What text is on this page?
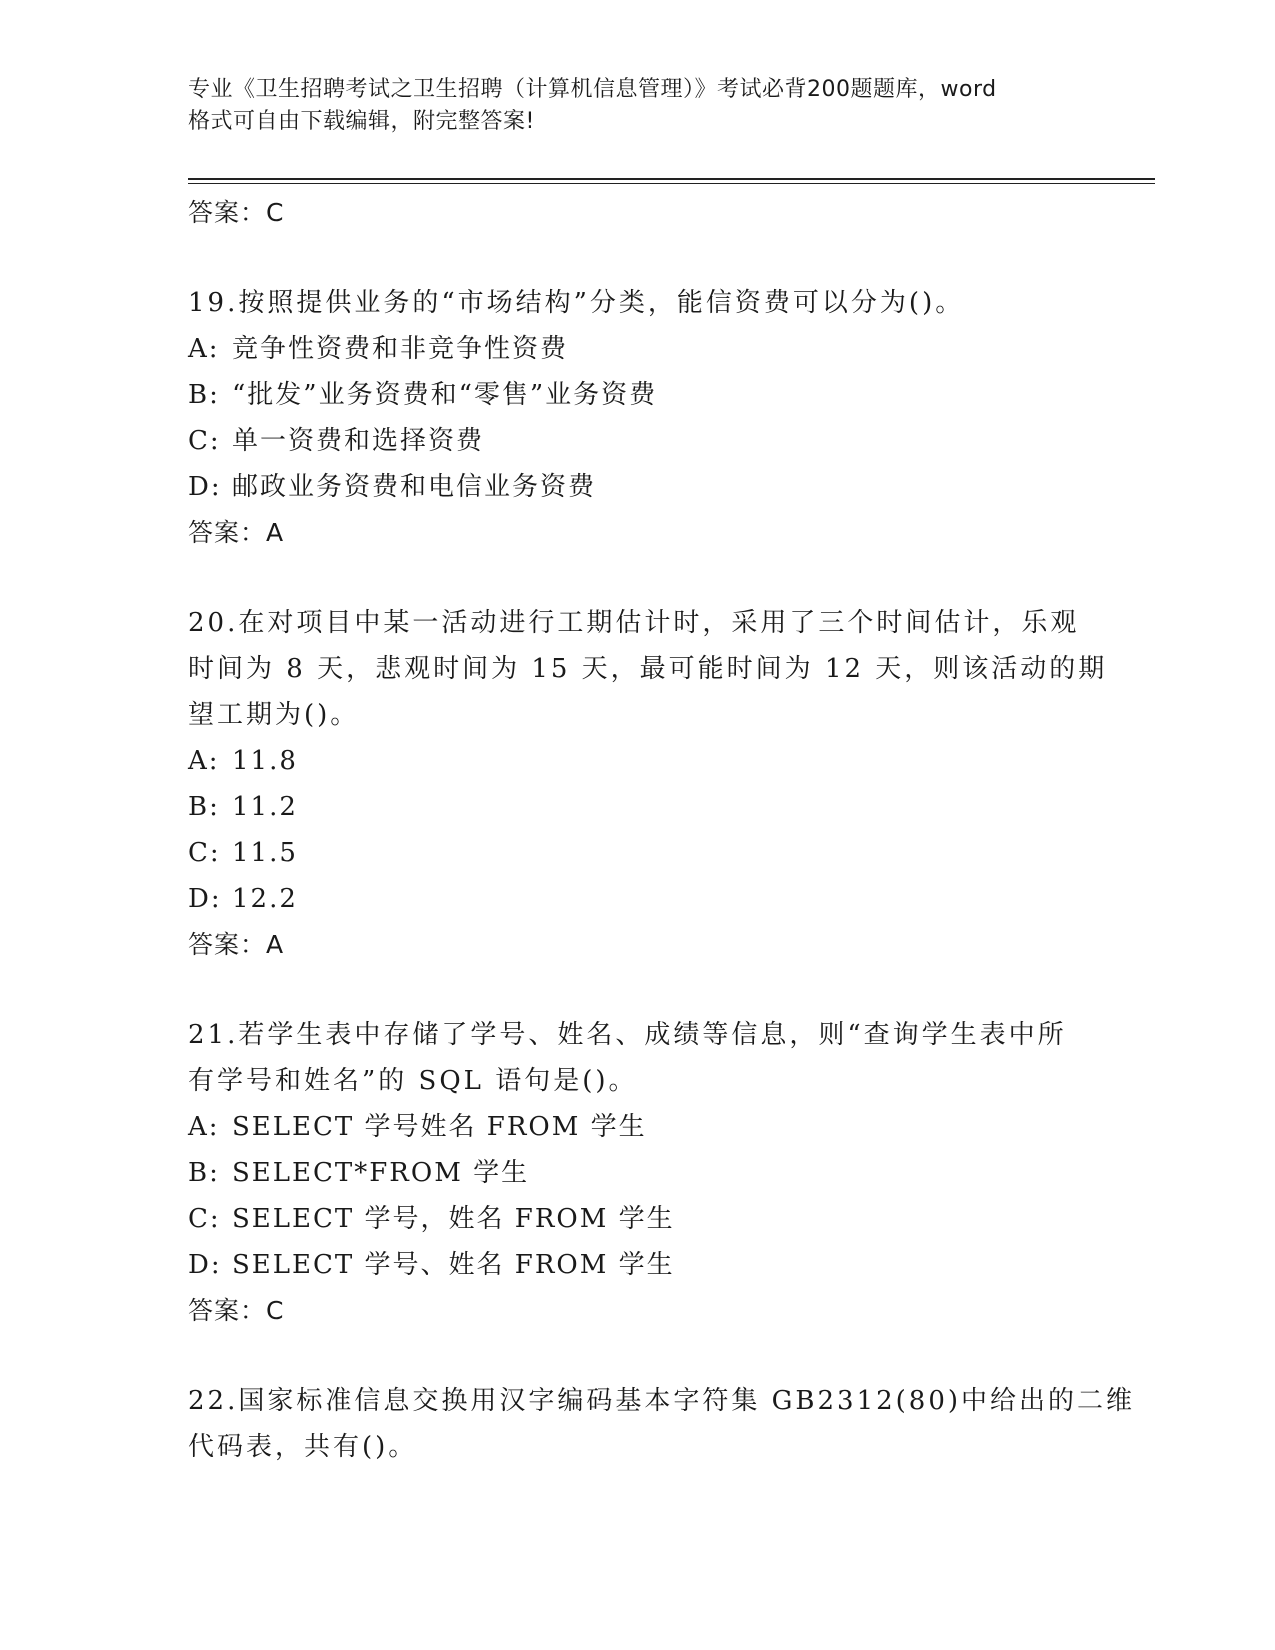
专业《卫生招聘考试之卫生招聘（计算机信息管理）》考试必背200题题库，word
格式可自由下载编辑，附完整答案!
答案：C
19.按照提供业务的“市场结构”分类，能信资费可以分为()。
A: 竞争性资费和非竞争性资费
B: “批发”业务资费和“零售”业务资费
C: 单一资费和选择资费
D: 邮政业务资费和电信业务资费
答案：A
20.在对项目中某一活动进行工期估计时，采用了三个时间估计，乐观
时间为 8 天，悲观时间为 15 天，最可能时间为 12 天，则该活动的期
望工期为()。
A: 11.8
B: 11.2
C: 11.5
D: 12.2
答案：A
21.若学生表中存储了学号、姓名、成绩等信息，则“查询学生表中所
有学号和姓名”的 SQL 语句是()。
A: SELECT 学号姓名 FROM 学生
B: SELECT*FROM 学生
C: SELECT 学号，姓名 FROM 学生
D: SELECT 学号、姓名 FROM 学生
答案：C
22.国家标准信息交换用汉字编码基本字符集 GB2312(80)中给出的二维
代码表，共有()。
